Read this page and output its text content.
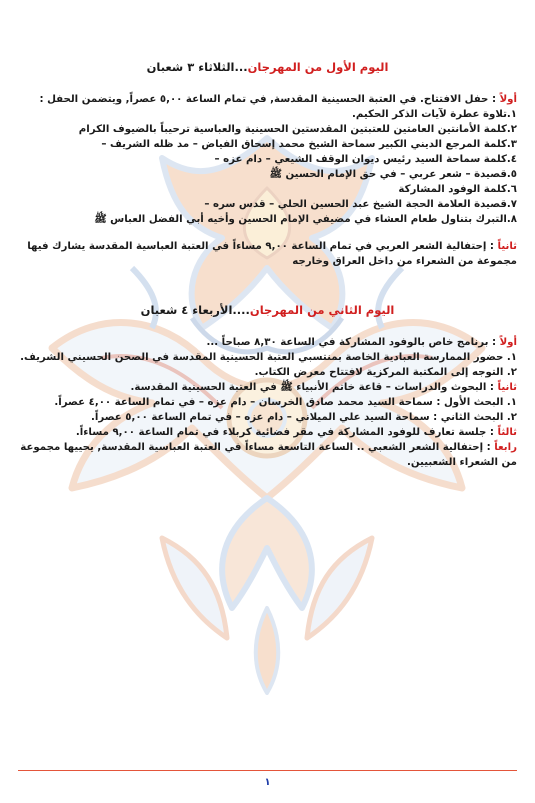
اليوم الأول من المهرجان...الثلاثاء ٣ شعبان
أولاً : حفل الافتتاح. في العتبة الحسينية المقدسة, في تمام الساعة ٥,٠٠ عصراً, ويتضمن الحفل :
١.تلاوة عطرة لآيات الذكر الحكيم.
٢.كلمة الأمانتين العامتين للعتبتين المقدستين الحسينية والعباسية ترحيباً بالضيوف الكرام
٣.كلمة المرجع الديني الكبير سماحة الشيخ محمد إسحاق الفياض – مد ظله الشريف –
٤.كلمة سماحة السيد رئيس ديوان الوقف الشيعي – دام عزه –
٥.قصيدة – شعر عربي – في حق الإمام الحسين ﷺ
٦.كلمة الوفود المشاركة
٧.قصيدة العلامة الحجة الشيخ عبد الحسين الحلي – قدس سره –
٨.التبرك بتناول طعام العشاء في مضيفي الإمام الحسين وأخيه أبي الفضل العباس ﷺ
ثانياً : إحتفالية الشعر العربي في تمام الساعة ٩,٠٠ مساءاً في العتبة العباسية المقدسة يشارك فيها مجموعة من الشعراء من داخل العراق وخارجه
اليوم الثاني من المهرجان....الأربعاء ٤ شعبان
أولاً : برنامج خاص بالوفود المشاركة في الساعة ٨,٣٠ صباحاً ...
١. حضور الممارسة العبادية الخاصة بمنتسبي العتبة الحسينية المقدسة في الصحن الحسيني الشريف.
٢. التوجه إلى المكتبة المركزية لافتتاح معرض الكتاب.
ثانياً : البحوث والدراسات – قاعة خاتم الأنبياء ﷺ في العتبة الحسينية المقدسة.
١. البحث الأول : سماحة السيد محمد صادق الخرسان – دام عزه – في تمام الساعة ٤,٠٠ عصراً.
٢. البحث الثاني : سماحة السيد علي الميلاني – دام عزه – في تمام الساعة ٥,٠٠ عصراً.
ثالثاً : جلسة تعارف للوفود المشاركة في مقر فضائية كربلاء في تمام الساعة ٩,٠٠ مساءاً.
رابعاً : إحتفالية الشعر الشعبي .. الساعة التاسعة مساءاً في العتبة العباسية المقدسة, يحييها مجموعة من الشعراء الشعبيين.
١
